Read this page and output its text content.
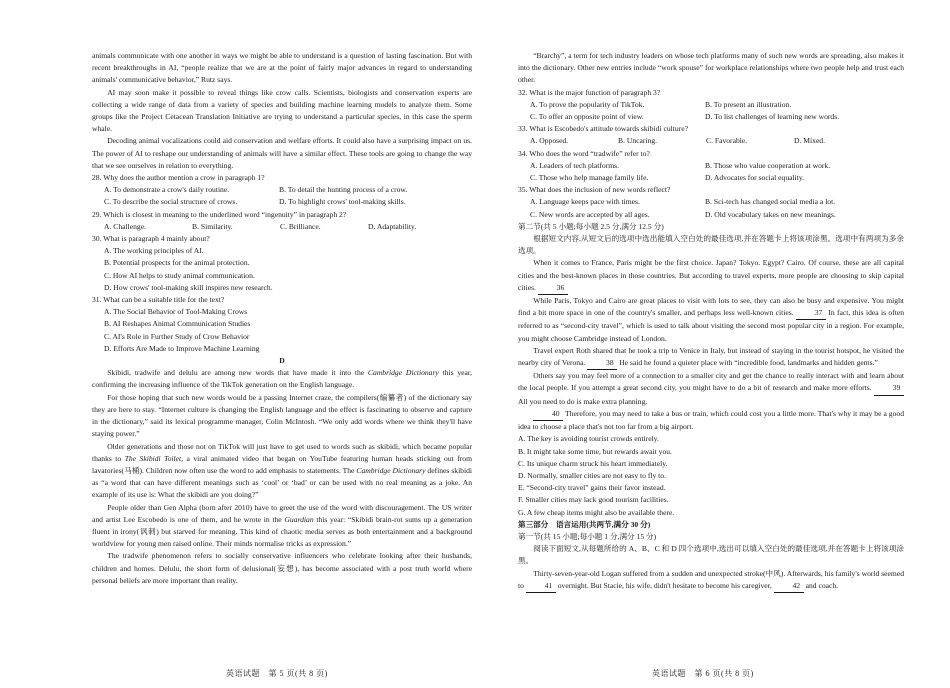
animals communicate with one another in ways we might be able to understand is a question of lasting fascination. But with recent breakthroughs in AI, “people realize that we are at the point of fairly major advances in regard to understanding animals' communicative behavior,” Rutz says.

AI may soon make it possible to reveal things like crow calls. Scientists, biologists and conservation experts are collecting a wide range of data from a variety of species and building machine learning models to analyze them. Some groups like the Project Cetacean Translation Initiative are trying to understand a particular species, in this case the sperm whale.

Decoding animal vocalizations could aid conservation and welfare efforts. It could also have a surprising impact on us. The power of AI to reshape our understanding of animals will have a similar effect. These tools are going to change the way that we see ourselves in relation to everything.

28. Why does the author mention a crow in paragraph 1?

A. To demonstrate a crow's daily routine.	B. To detail the hunting process of a crow.
C. To describe the social structure of crows.	D. To highlight crows' tool-making skills.

29. Which is closest in meaning to the underlined word “ingenuity” in paragraph 2?

A. Challenge.	B. Similarity.	C. Brilliance.	D. Adaptability.

30. What is paragraph 4 mainly about?

A. The working principles of AI.

B. Potential prospects for the animal protection.

C. How AI helps to study animal communication.

D. How crows' tool-making skill inspires new research.

31. What can be a suitable title for the text?

A. The Social Behavior of Tool-Making Crows

B. AI Reshapes Animal Communication Studies

C. AI's Role in Further Study of Crow Behavior

D. Efforts Are Made to Improve Machine Learning

D

Skibidi, tradwife and delulu are among new words that have made it into the Cambridge Dictionary this year, confirming the increasing influence of the TikTok generation on the English language.

For those hoping that such new words would be a passing Internet craze, the compilers(编纂者) of the dictionary say they are here to stay. “Internet culture is changing the English language and the effect is fascinating to observe and capture in the dictionary,” said its lexical programme manager, Colin McIntosh. “We only add words where we think they'll have staying power.”

Older generations and those not on TikTok will just have to get used to words such as skibidi, which became popular thanks to The Skibidi Toilet, a viral animated video that began on YouTube featuring human heads sticking out from lavatories(马桶). Children now often use the word to add emphasis to statements. The Cambridge Dictionary defines skibidi as “a word that can have different meanings such as ‘cool’ or ‘bad’ or can be used with no real meaning as a joke. An example of its use is: What the skibidi are you doing?”

People older than Gen Alpha (born after 2010) have to greet the use of the word with discouragement. The US writer and artist Lee Escobedo is one of them, and he wrote in the Guardian this year: “Skibidi brain-rot sums up a generation fluent in irony(讽刺) but starved for meaning. This kind of chaotic media serves as both entertainment and a background worldview for young men raised online. Their minds normalise tricks as expression.”

The tradwife phenomenon refers to socially conservative influencers who celebrate looking after their husbands, children and homes. Delulu, the short form of delusional(妄想), has become associated with a post truth world where personal beliefs are more important than reality.

“Brarchy”, a term for tech industry leaders on whose tech platforms many of such new words are spreading, also makes it into the dictionary. Other new entries include “work spouse” for workplace relationships where two people help and trust each other.

32. What is the major function of paragraph 3?

A. To prove the popularity of TikTok.	B. To present an illustration.
C. To offer an opposite point of view.	D. To list challenges of learning new words.

33. What is Escobedo's attitude towards skibidi culture?

A. Opposed.	B. Uncaring.	C. Favorable.	D. Mixed.

34. Who does the word “tradwife” refer to?

A. Leaders of tech platforms.	B. Those who value cooperation at work.
C. Those who help manage family life.	D. Advocates for social equality.

35. What does the inclusion of new words reflect?

A. Language keeps pace with times.	B. Sci-tech has changed social media a lot.
C. New words are accepted by all ages.	D. Old vocabulary takes on new meanings.

第二节(共 5 小题;每小题 2.5 分,满分 12.5 分)

根据短文内容,从短文后的选项中选出能填入空白处的最佳选项,并在答题卡上将该项涂黑。选项中有两项为多余选项。

When it comes to France, Paris might be the first choice. Japan? Tokyo. Egypt? Cairo. Of course, these are all capital cities and the best-known places in those countries. But according to travel experts, more people are choosing to skip capital cities.	36

While Paris, Tokyo and Cairo are great places to visit with lots to see, they can also be busy and expensive. You might find a bit more space in one of the country's smaller, and perhaps less well-known cities.	37 In fact, this idea is often referred to as “second-city travel”, which is used to talk about visiting the second most popular city in a region. For example, you might choose Cambridge instead of London.

Travel expert Roth shared that he took a trip to Venice in Italy, but instead of staying in the tourist hotspot, he visited the nearby city of Verona.	38 He said he found a quieter place with “incredible food, landmarks and hidden gems.”

Others say you may feel more of a connection to a smaller city and get the chance to really interact with and learn about the local people. If you attempt a great second city, you might have to do a bit of research and make more efforts.	39 All you need to do is make extra planning.

40 Therefore, you may need to take a bus or train, which could cost you a little more. That's why it may be a good idea to choose a place that's not too far from a big airport.

A. The key is avoiding tourist crowds entirely.

B. It might take some time, but rewards await you.

C. Its unique charm struck his heart immediately.

D. Normally, smaller cities are not easy to fly to.

E. “Second-city travel” gains their favor instead.

F. Smaller cities may lack good tourism facilities.

G. A few cheap items might also be available there.

第三部分　语言运用(共两节,满分 30 分)

第一节(共 15 小题;每小题 1 分,满分 15 分)

阅读下面短文,从每题所给的 A、B、C 和 D 四个选项中,选出可以填入空白处的最佳选项,并在答题卡上将该项涂黑。

Thirty-seven-year-old Logan suffered from a sudden and unexpected stroke(中风). Afterwards, his family's world seemed to	41 overnight. But Stacie, his wife, didn't hesitate to become his caregiver,	42 and coach.

英语试题　第 5 页(共 8 页)	英语试题　第 6 页(共 8 页)
